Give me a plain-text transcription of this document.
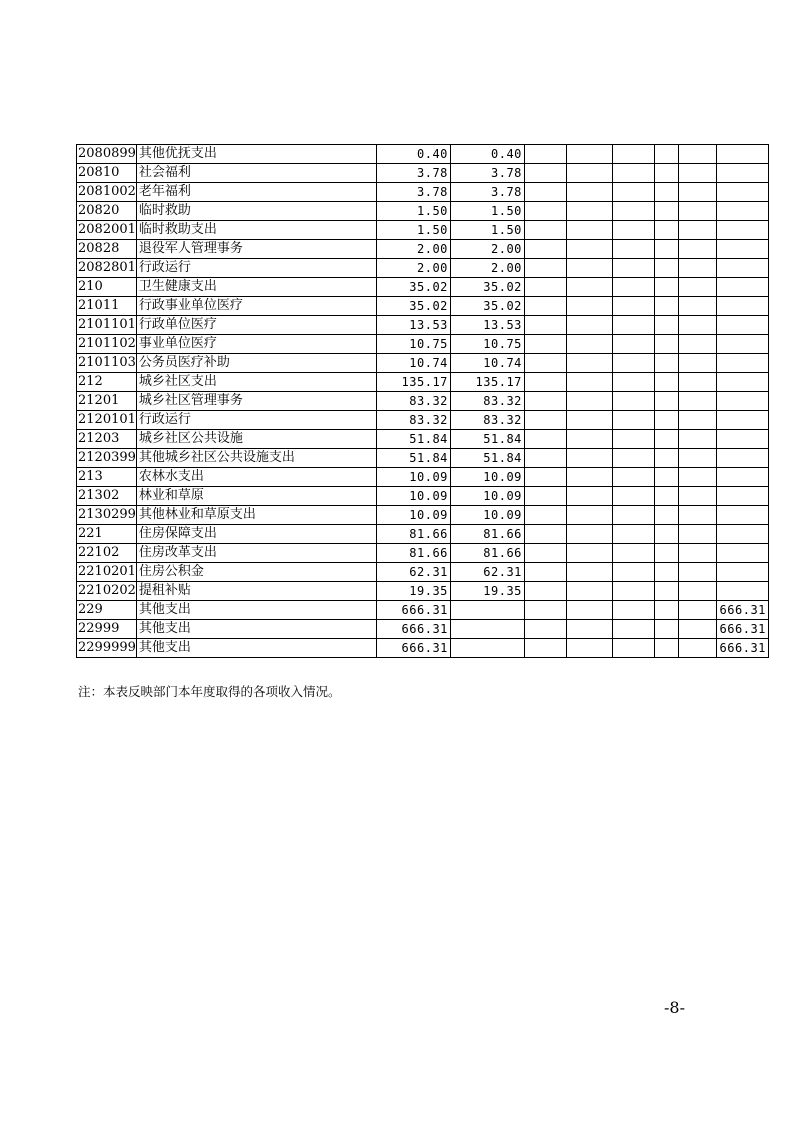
2080899	其他优抚支出	0.40	0.40						
20810	社会福利	3.78	3.78						
2081002	老年福利	3.78	3.78						
20820	临时救助	1.50	1.50						
2082001	临时救助支出	1.50	1.50						
20828	退役军人管理事务	2.00	2.00						
2082801	行政运行	2.00	2.00						
210	卫生健康支出	35.02	35.02						
21011	行政事业单位医疗	35.02	35.02						
2101101	行政单位医疗	13.53	13.53						
2101102	事业单位医疗	10.75	10.75						
2101103	公务员医疗补助	10.74	10.74						
212	城乡社区支出	135.17	135.17						
21201	城乡社区管理事务	83.32	83.32						
2120101	行政运行	83.32	83.32						
21203	城乡社区公共设施	51.84	51.84						
2120399	其他城乡社区公共设施支出	51.84	51.84						
213	农林水支出	10.09	10.09						
21302	林业和草原	10.09	10.09						
2130299	其他林业和草原支出	10.09	10.09						
221	住房保障支出	81.66	81.66						
22102	住房改革支出	81.66	81.66						
2210201	住房公积金	62.31	62.31						
2210202	提租补贴	19.35	19.35						
229	其他支出	666.31							666.31
22999	其他支出	666.31							666.31
2299999	其他支出	666.31							666.31
注：本表反映部门本年度取得的各项收入情况。
-8-
